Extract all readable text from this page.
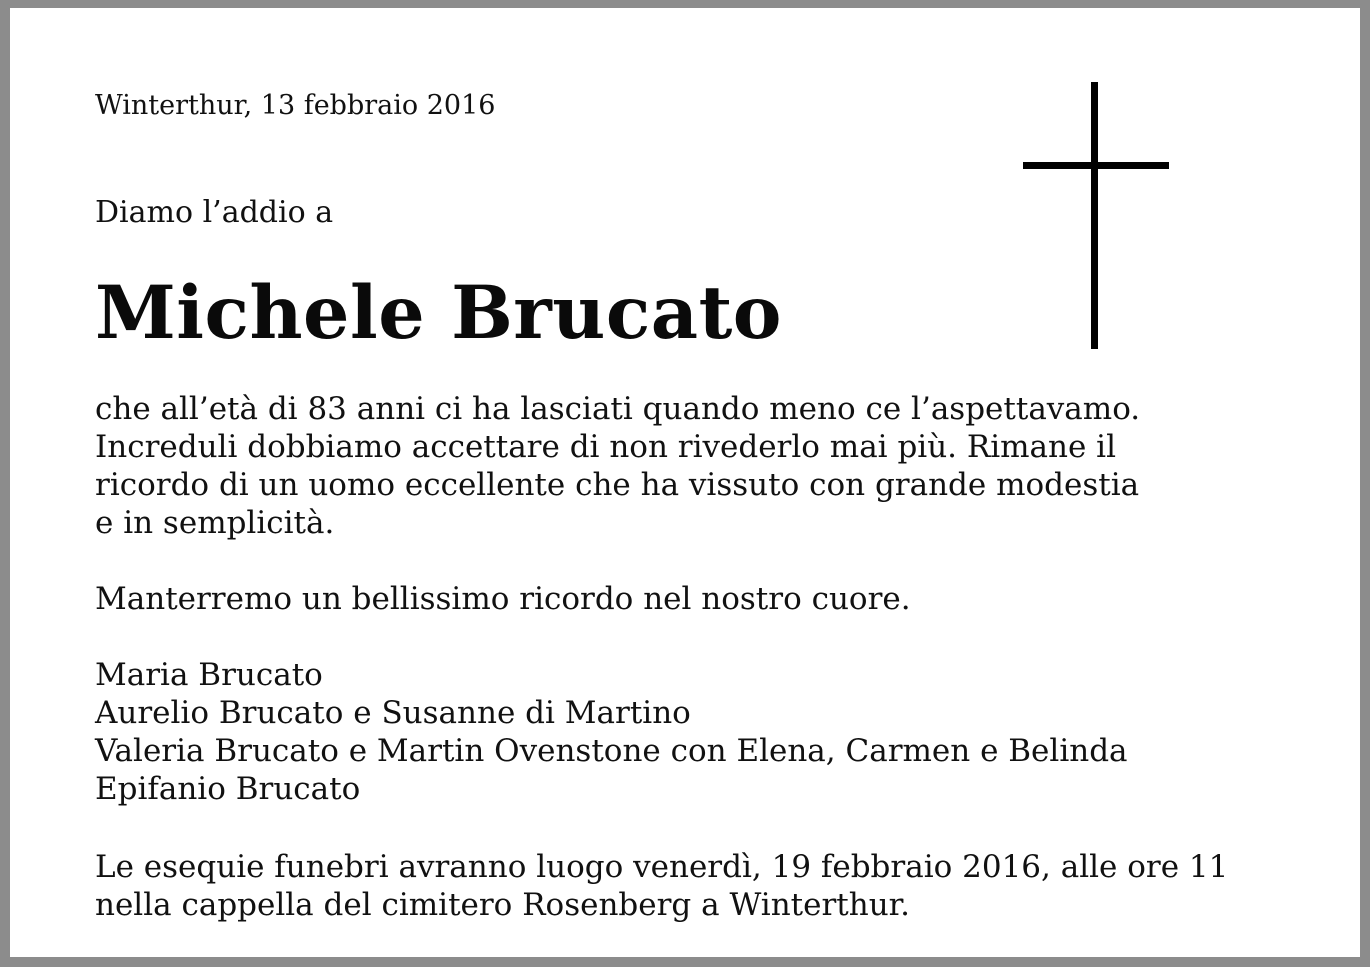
Winterthur, 13 febbraio 2016
Diamo l’addio a
Michele Brucato
che all’età di 83 anni ci ha lasciati quando meno ce l’aspettavamo.
Increduli dobbiamo accettare di non rivederlo mai più. Rimane il
ricordo di un uomo eccellente che ha vissuto con grande modestia
e in semplicità.
Manterremo un bellissimo ricordo nel nostro cuore.
Maria Brucato
Aurelio Brucato e Susanne di Martino
Valeria Brucato e Martin Ovenstone con Elena, Carmen e Belinda
Epifanio Brucato
Le esequie funebri avranno luogo venerdì, 19 febbraio 2016, alle ore 11
nella cappella del cimitero Rosenberg a Winterthur.
